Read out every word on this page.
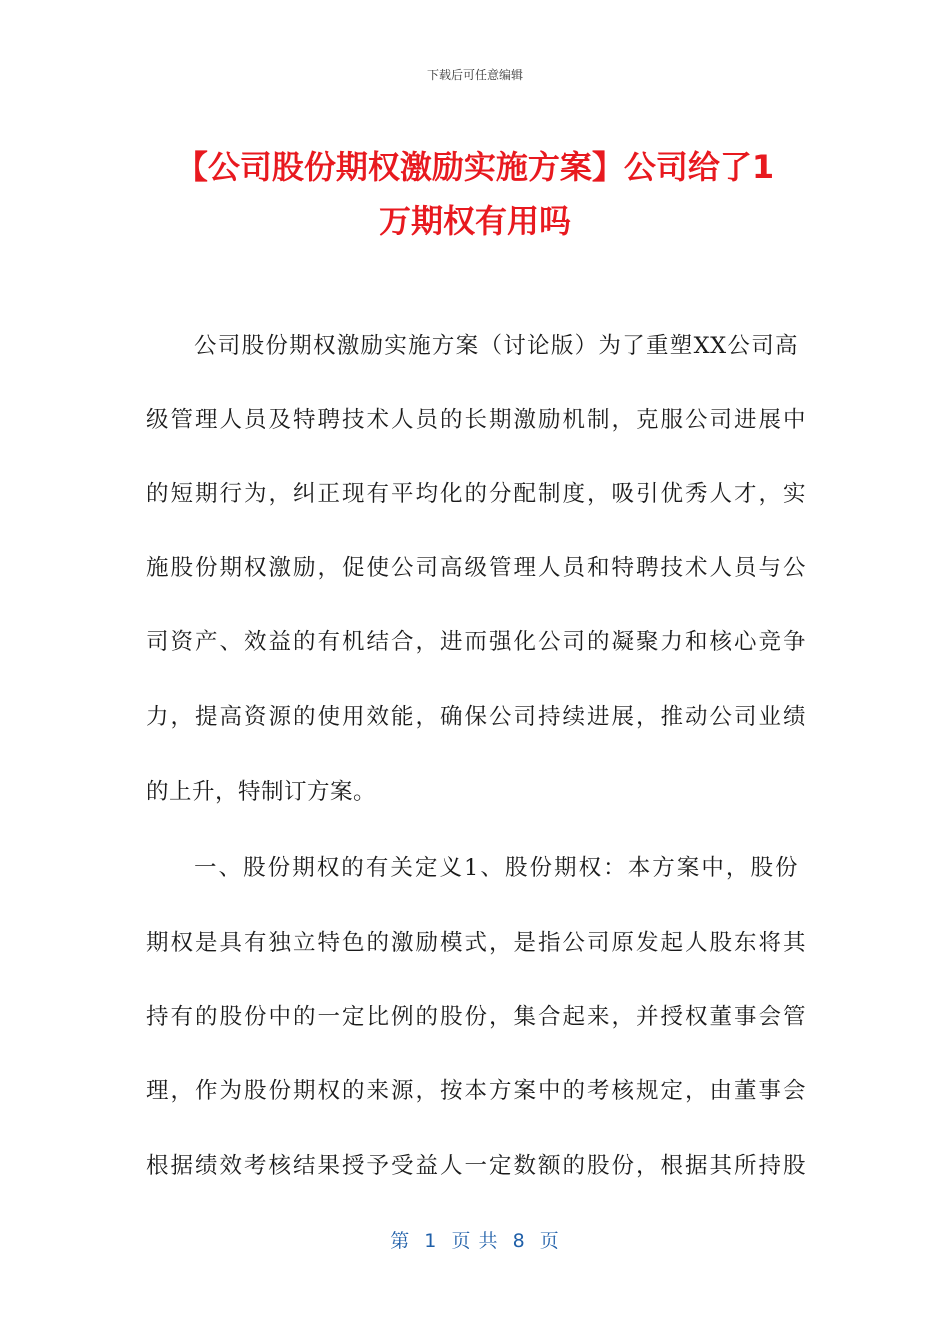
下载后可任意编辑
【公司股份期权激励实施方案】公司给了1
万期权有用吗

公司股份期权激励实施方案（讨论版）为了重塑XX公司高

级管理人员及特聘技术人员的长期激励机制，克服公司进展中

的短期行为，纠正现有平均化的分配制度，吸引优秀人才，实

施股份期权激励，促使公司高级管理人员和特聘技术人员与公

司资产、效益的有机结合，进而强化公司的凝聚力和核心竞争

力，提高资源的使用效能，确保公司持续进展，推动公司业绩

的上升，特制订方案。

一、股份期权的有关定义1、股份期权：本方案中，股份

期权是具有独立特色的激励模式，是指公司原发起人股东将其

持有的股份中的一定比例的股份，集合起来，并授权董事会管

理，作为股份期权的来源，按本方案中的考核规定，由董事会

根据绩效考核结果授予受益人一定数额的股份，根据其所持股

第  1  页 共  8  页
